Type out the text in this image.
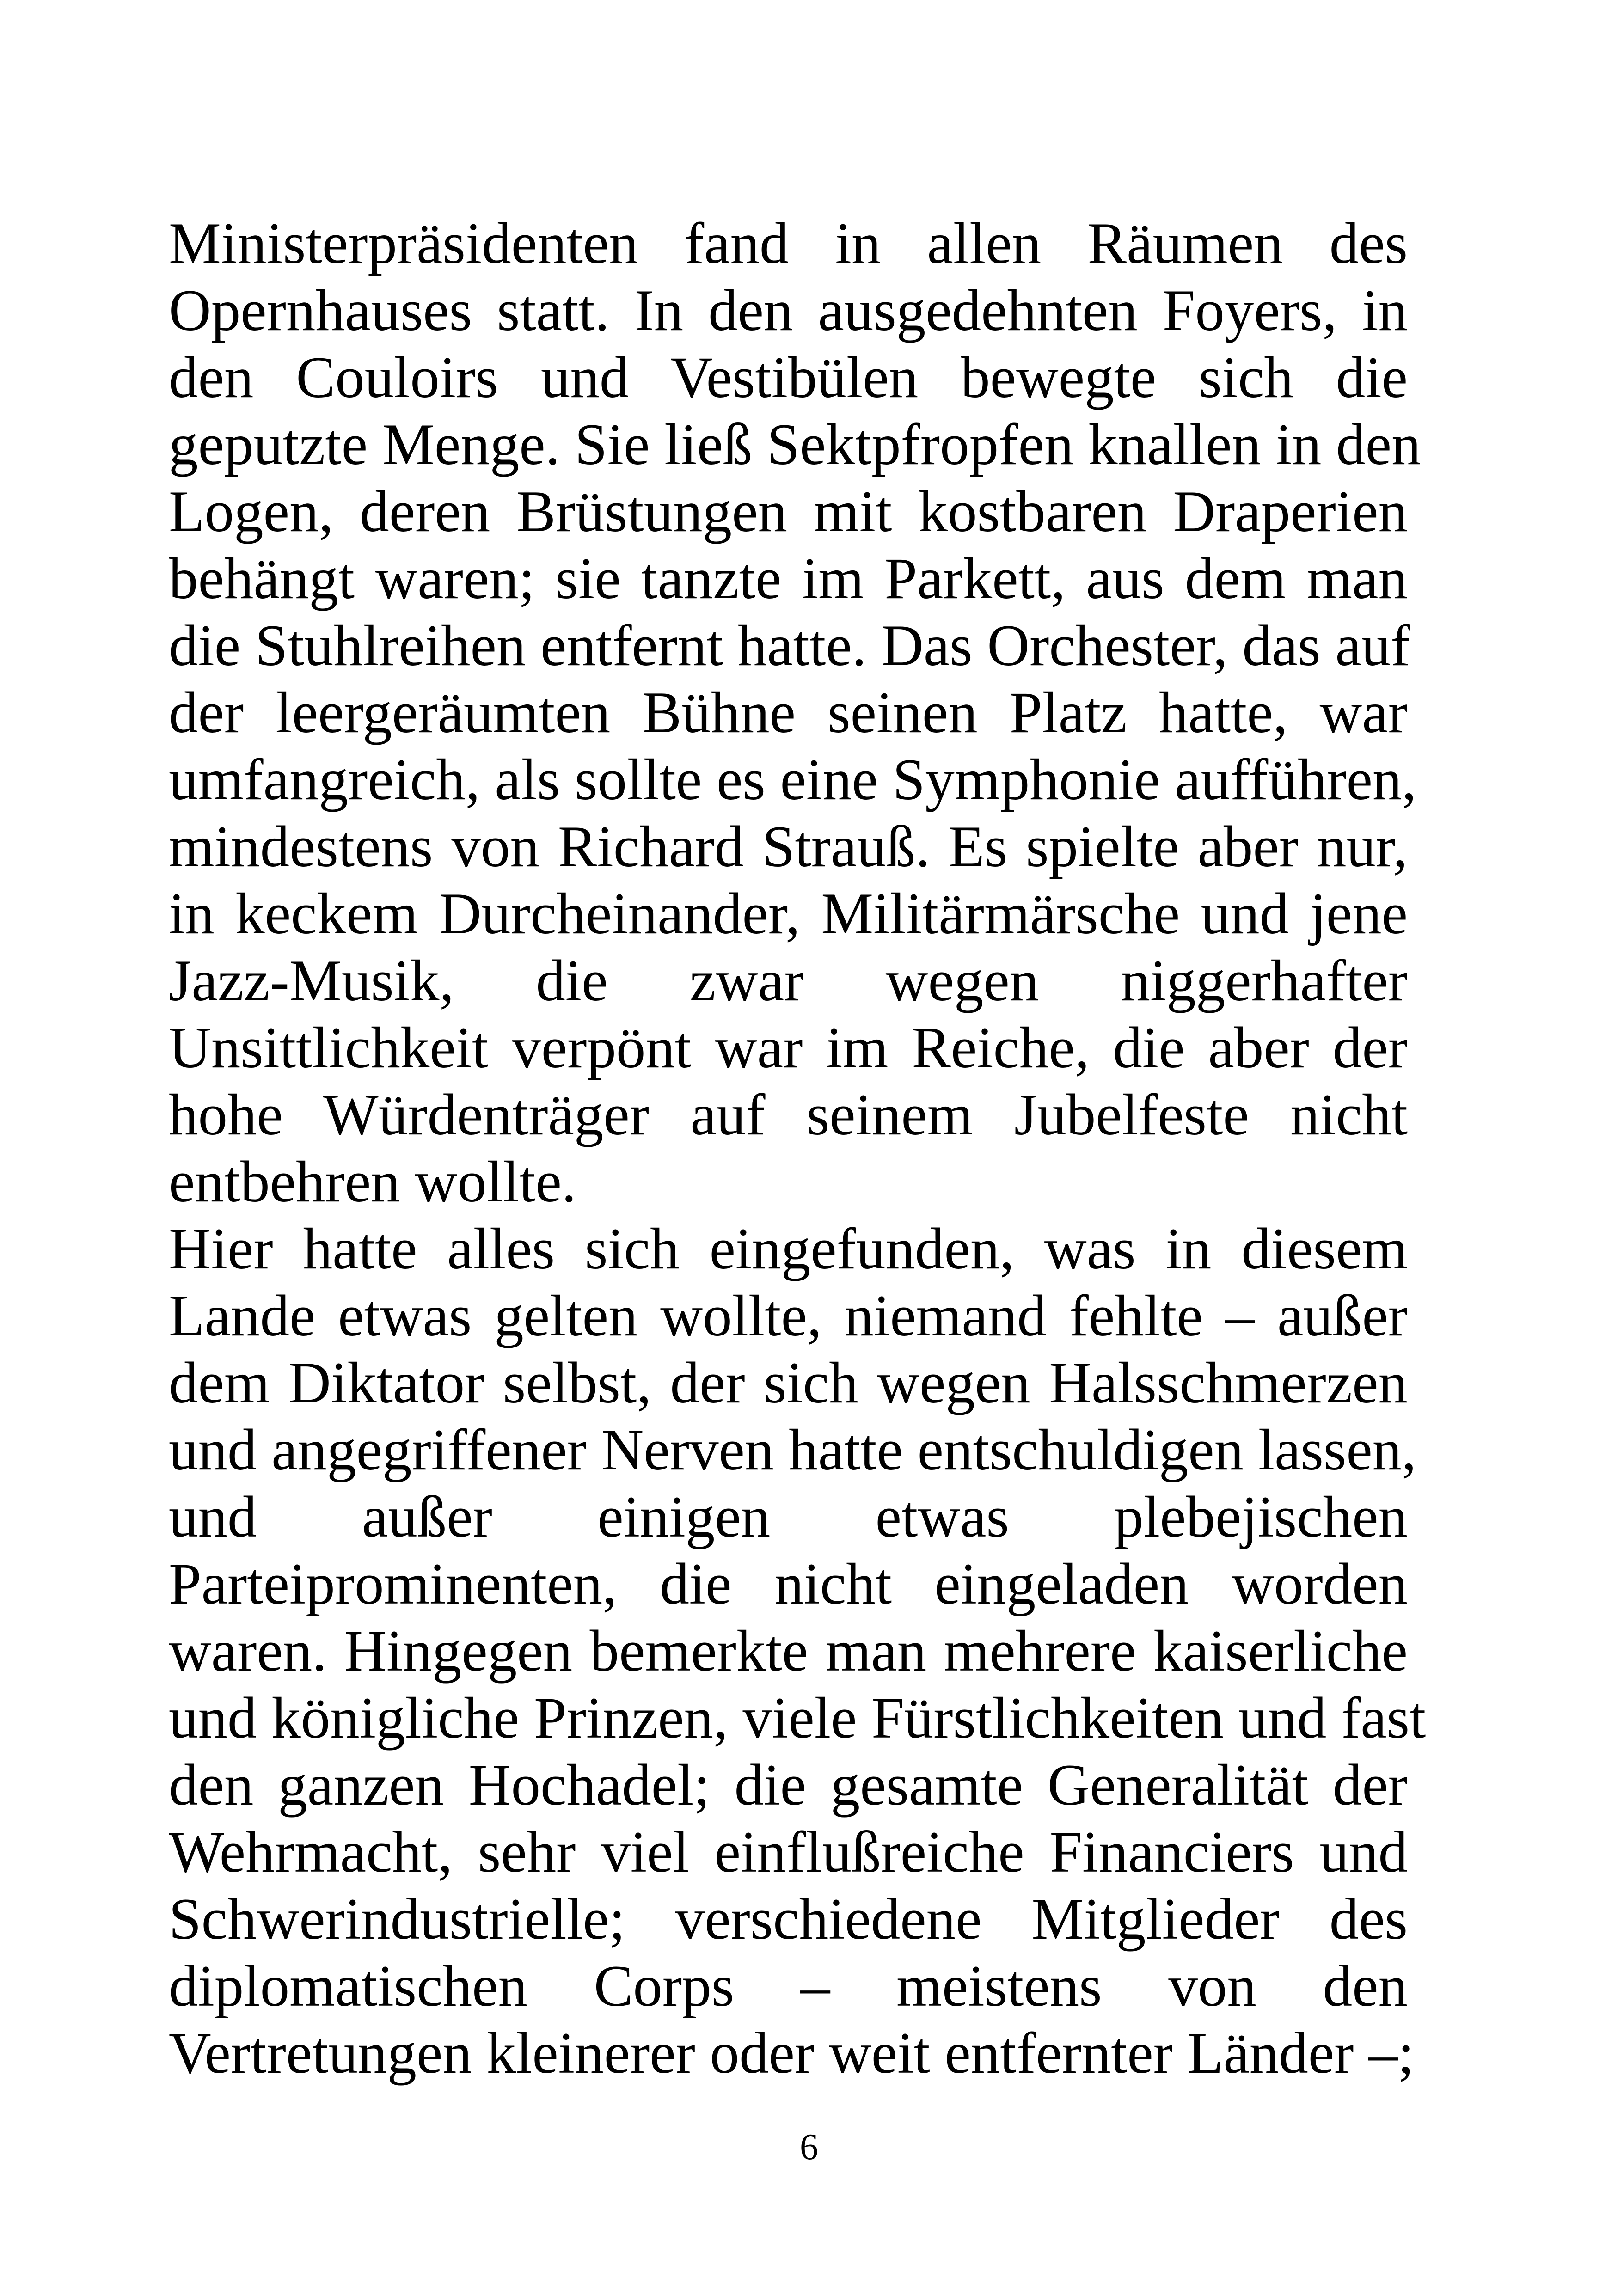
Ministerpräsidenten fand in allen Räumen des
Opernhauses statt. In den ausgedehnten Foyers, in
den Couloirs und Vestibülen bewegte sich die
geputzte Menge. Sie ließ Sektpfropfen knallen in den
Logen, deren Brüstungen mit kostbaren Draperien
behängt waren; sie tanzte im Parkett, aus dem man
die Stuhlreihen entfernt hatte. Das Orchester, das auf
der leergeräumten Bühne seinen Platz hatte, war
umfangreich, als sollte es eine Symphonie aufführen,
mindestens von Richard Strauß. Es spielte aber nur,
in keckem Durcheinander, Militärmärsche und jene
Jazz-Musik, die zwar wegen niggerhafter
Unsittlichkeit verpönt war im Reiche, die aber der
hohe Würdenträger auf seinem Jubelfeste nicht
entbehren wollte.
Hier hatte alles sich eingefunden, was in diesem
Lande etwas gelten wollte, niemand fehlte – außer
dem Diktator selbst, der sich wegen Halsschmerzen
und angegriffener Nerven hatte entschuldigen lassen,
und außer einigen etwas plebejischen
Parteiprominenten, die nicht eingeladen worden
waren. Hingegen bemerkte man mehrere kaiserliche
und königliche Prinzen, viele Fürstlichkeiten und fast
den ganzen Hochadel; die gesamte Generalität der
Wehrmacht, sehr viel einflußreiche Financiers und
Schwerindustrielle; verschiedene Mitglieder des
diplomatischen Corps – meistens von den
Vertretungen kleinerer oder weit entfernter Länder –;
6
